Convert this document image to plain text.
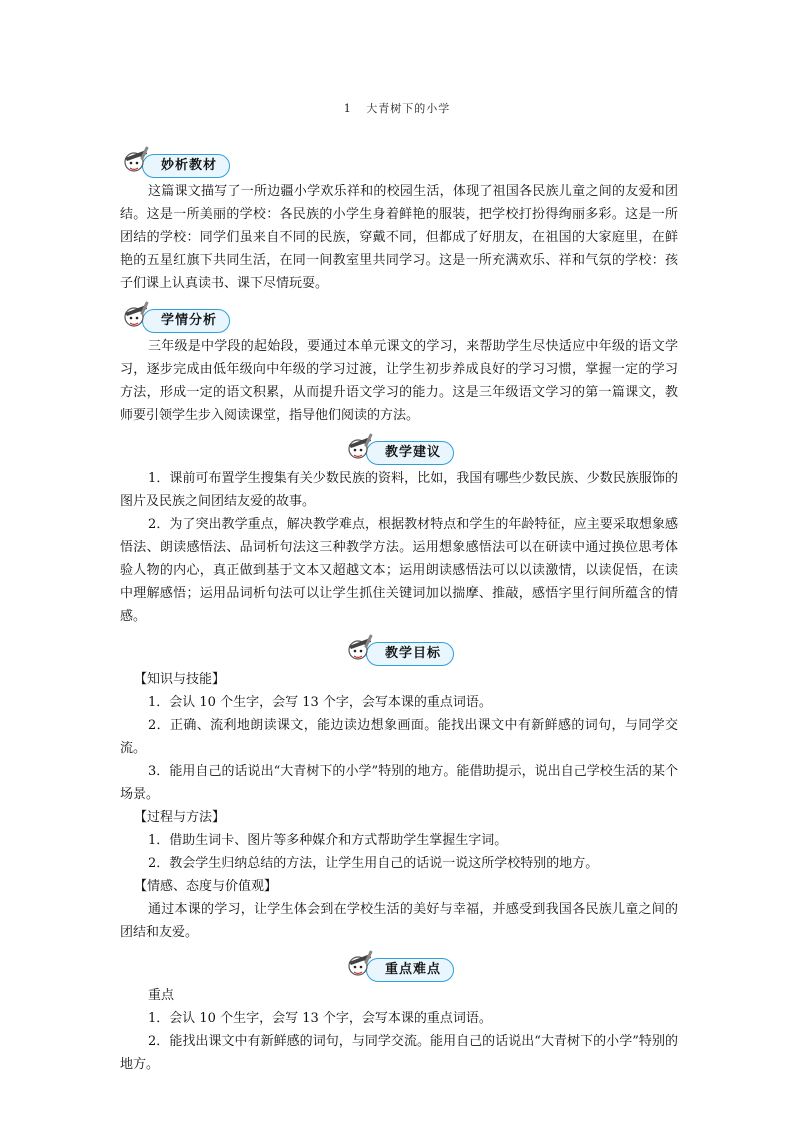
1 大青树下的小学
妙析教材

这篇课文描写了一所边疆小学欢乐祥和的校园生活，体现了祖国各民族儿童之间的友爱和团结。这是一所美丽的学校：各民族的小学生身着鲜艳的服装，把学校打扮得绚丽多彩。这是一所团结的学校：同学们虽来自不同的民族，穿戴不同，但都成了好朋友，在祖国的大家庭里，在鲜艳的五星红旗下共同生活，在同一间教室里共同学习。这是一所充满欢乐、祥和气氛的学校：孩子们课上认真读书、课下尽情玩耍。

学情分析

三年级是中学段的起始段，要通过本单元课文的学习，来帮助学生尽快适应中年级的语文学习，逐步完成由低年级向中年级的学习过渡，让学生初步养成良好的学习习惯，掌握一定的学习方法，形成一定的语文积累，从而提升语文学习的能力。这是三年级语文学习的第一篇课文，教师要引领学生步入阅读课堂，指导他们阅读的方法。

教学建议

1．课前可布置学生搜集有关少数民族的资料，比如，我国有哪些少数民族、少数民族服饰的图片及民族之间团结友爱的故事。

2．为了突出教学重点，解决教学难点，根据教材特点和学生的年龄特征，应主要采取想象感悟法、朗读感悟法、品词析句法这三种教学方法。运用想象感悟法可以在研读中通过换位思考体验人物的内心，真正做到基于文本又超越文本；运用朗读感悟法可以以读激情，以读促悟，在读中理解感悟；运用品词析句法可以让学生抓住关键词加以揣摩、推敲，感悟字里行间所蕴含的情感。

教学目标

【知识与技能】

1．会认 10 个生字，会写 13 个字，会写本课的重点词语。

2．正确、流利地朗读课文，能边读边想象画面。能找出课文中有新鲜感的词句，与同学交流。

3．能用自己的话说出“大青树下的小学”特别的地方。能借助提示，说出自己学校生活的某个场景。

【过程与方法】

1．借助生词卡、图片等多种媒介和方式帮助学生掌握生字词。

2．教会学生归纳总结的方法，让学生用自己的话说一说这所学校特别的地方。

【情感、态度与价值观】

通过本课的学习，让学生体会到在学校生活的美好与幸福，并感受到我国各民族儿童之间的团结和友爱。

重点难点

重点

1．会认 10 个生字，会写 13 个字，会写本课的重点词语。

2．能找出课文中有新鲜感的词句，与同学交流。能用自己的话说出“大青树下的小学”特别的地方。
